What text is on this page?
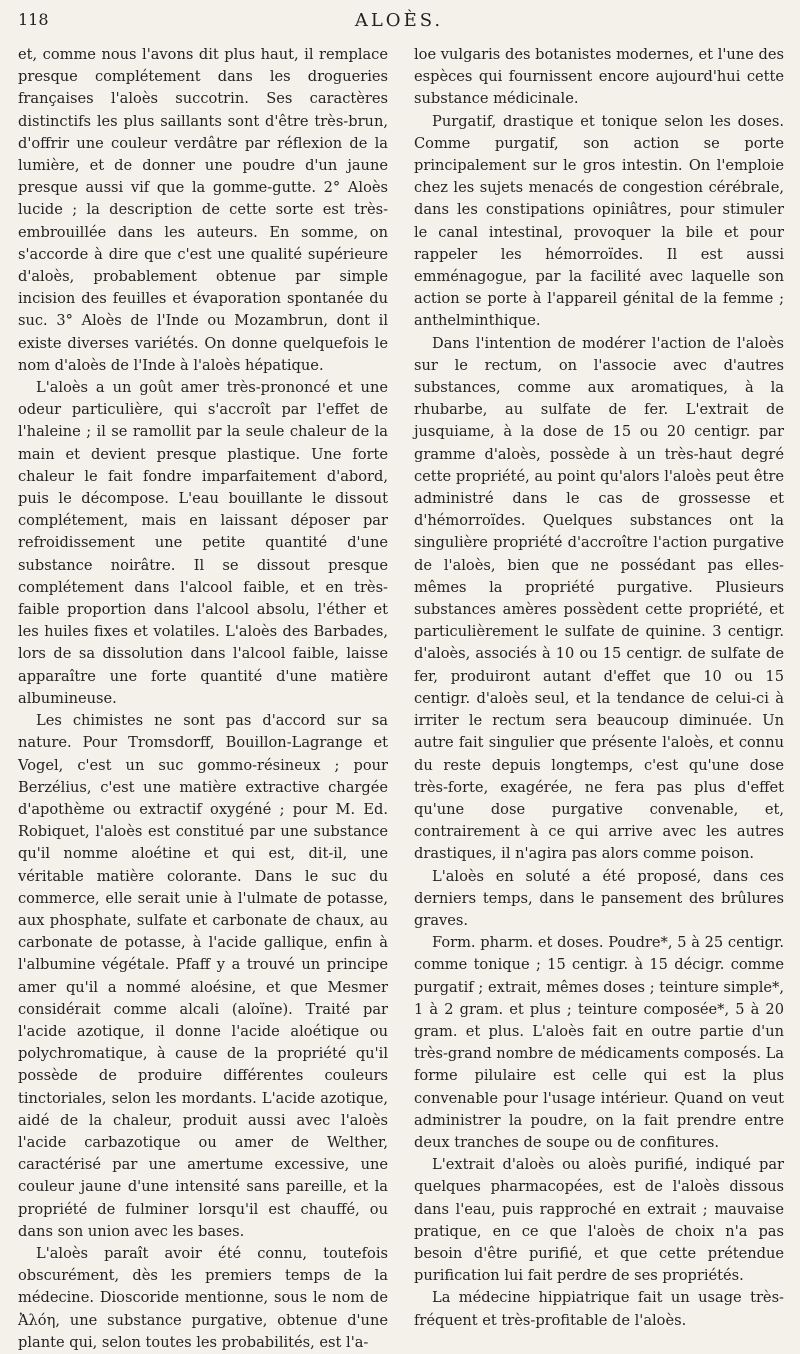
118	ALOÈS.

et, comme nous l'avons dit plus haut, il remplace presque complétement dans les drogueries françaises l'aloès succotrin. Ses caractères distinctifs les plus saillants sont d'être très-brun, d'offrir une couleur verdâtre par réflexion de la lumière, et de donner une poudre d'un jaune presque aussi vif que la gomme-gutte. 2° Aloès lucide ; la description de cette sorte est très-embrouillée dans les auteurs. En somme, on s'accorde à dire que c'est une qualité supérieure d'aloès, probablement obtenue par simple incision des feuilles et évaporation spontanée du suc. 3° Aloès de l'Inde ou Mozambrun, dont il existe diverses variétés. On donne quelquefois le nom d'aloès de l'Inde à l'aloès hépatique.

L'aloès a un goût amer très-prononcé et une odeur particulière, qui s'accroît par l'effet de l'haleine ; il se ramollit par la seule chaleur de la main et devient presque plastique. Une forte chaleur le fait fondre imparfaitement d'abord, puis le décompose. L'eau bouillante le dissout complétement, mais en laissant déposer par refroidissement une petite quantité d'une substance noirâtre. Il se dissout presque complétement dans l'alcool faible, et en très-faible proportion dans l'alcool absolu, l'éther et les huiles fixes et volatiles. L'aloès des Barbades, lors de sa dissolution dans l'alcool faible, laisse apparaître une forte quantité d'une matière albumineuse.

Les chimistes ne sont pas d'accord sur sa nature. Pour Tromsdorff, Bouillon-Lagrange et Vogel, c'est un suc gommo-résineux ; pour Berzélius, c'est une matière extractive chargée d'apothème ou extractif oxygéné ; pour M. Ed. Robiquet, l'aloès est constitué par une substance qu'il nomme aloétine et qui est, dit-il, une véritable matière colorante. Dans le suc du commerce, elle serait unie à l'ulmate de potasse, aux phosphate, sulfate et carbonate de chaux, au carbonate de potasse, à l'acide gallique, enfin à l'albumine végétale. Pfaff y a trouvé un principe amer qu'il a nommé aloésine, et que Mesmer considérait comme alcali (aloïne). Traité par l'acide azotique, il donne l'acide aloétique ou polychromatique, à cause de la propriété qu'il possède de produire différentes couleurs tinctoriales, selon les mordants. L'acide azotique, aidé de la chaleur, produit aussi avec l'aloès l'acide carbazotique ou amer de Welther, caractérisé par une amertume excessive, une couleur jaune d'une intensité sans pareille, et la propriété de fulminer lorsqu'il est chauffé, ou dans son union avec les bases.

L'aloès paraît avoir été connu, toutefois obscurément, dès les premiers temps de la médecine. Dioscoride mentionne, sous le nom de Ἀλόη, une substance purgative, obtenue d'une plante qui, selon toutes les probabilités, est l'a-

loe vulgaris des botanistes modernes, et l'une des espèces qui fournissent encore aujourd'hui cette substance médicinale.

Purgatif, drastique et tonique selon les doses. Comme purgatif, son action se porte principalement sur le gros intestin. On l'emploie chez les sujets menacés de congestion cérébrale, dans les constipations opiniâtres, pour stimuler le canal intestinal, provoquer la bile et pour rappeler les hémorroïdes. Il est aussi emménagogue, par la facilité avec laquelle son action se porte à l'appareil génital de la femme ; anthelminthique.

Dans l'intention de modérer l'action de l'aloès sur le rectum, on l'associe avec d'autres substances, comme aux aromatiques, à la rhubarbe, au sulfate de fer. L'extrait de jusquiame, à la dose de 15 ou 20 centigr. par gramme d'aloès, possède à un très-haut degré cette propriété, au point qu'alors l'aloès peut être administré dans le cas de grossesse et d'hémorroïdes. Quelques substances ont la singulière propriété d'accroître l'action purgative de l'aloès, bien que ne possédant pas elles-mêmes la propriété purgative. Plusieurs substances amères possèdent cette propriété, et particulièrement le sulfate de quinine. 3 centigr. d'aloès, associés à 10 ou 15 centigr. de sulfate de fer, produiront autant d'effet que 10 ou 15 centigr. d'aloès seul, et la tendance de celui-ci à irriter le rectum sera beaucoup diminuée. Un autre fait singulier que présente l'aloès, et connu du reste depuis longtemps, c'est qu'une dose très-forte, exagérée, ne fera pas plus d'effet qu'une dose purgative convenable, et, contrairement à ce qui arrive avec les autres drastiques, il n'agira pas alors comme poison.

L'aloès en soluté a été proposé, dans ces derniers temps, dans le pansement des brûlures graves.

Form. pharm. et doses. Poudre*, 5 à 25 centigr. comme tonique ; 15 centigr. à 15 décigr. comme purgatif ; extrait, mêmes doses ; teinture simple*, 1 à 2 gram. et plus ; teinture composée*, 5 à 20 gram. et plus. L'aloès fait en outre partie d'un très-grand nombre de médicaments composés. La forme pilulaire est celle qui est la plus convenable pour l'usage intérieur. Quand on veut administrer la poudre, on la fait prendre entre deux tranches de soupe ou de confitures.

L'extrait d'aloès ou aloès purifié, indiqué par quelques pharmacopées, est de l'aloès dissous dans l'eau, puis rapproché en extrait ; mauvaise pratique, en ce que l'aloès de choix n'a pas besoin d'être purifié, et que cette prétendue purification lui fait perdre de ses propriétés.

La médecine hippiatrique fait un usage très-fréquent et très-profitable de l'aloès.
